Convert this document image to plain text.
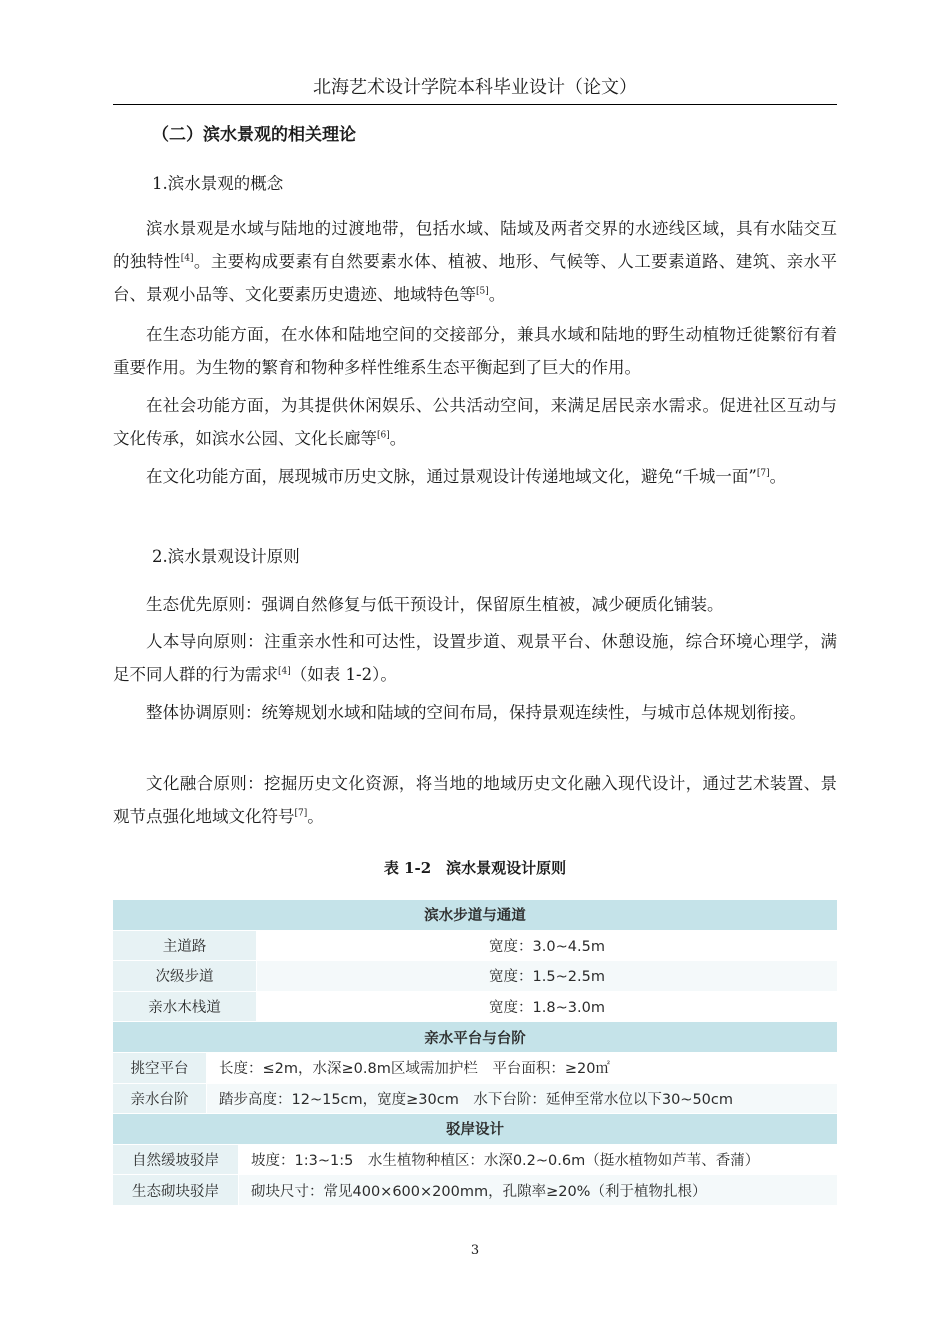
北海艺术设计学院本科毕业设计（论文）
（二）滨水景观的相关理论
1.滨水景观的概念

滨水景观是水域与陆地的过渡地带，包括水域、陆域及两者交界的水迹线区域，具有水陆交互的独特性[4]。主要构成要素有自然要素水体、植被、地形、气候等、人工要素道路、建筑、亲水平台、景观小品等、文化要素历史遗迹、地域特色等[5]。

在生态功能方面，在水体和陆地空间的交接部分，兼具水域和陆地的野生动植物迁徙繁衍有着重要作用。为生物的繁育和物种多样性维系生态平衡起到了巨大的作用。

在社会功能方面，为其提供休闲娱乐、公共活动空间，来满足居民亲水需求。促进社区互动与文化传承，如滨水公园、文化长廊等[6]。

在文化功能方面，展现城市历史文脉，通过景观设计传递地域文化，避免“千城一面”[7]。

2.滨水景观设计原则

生态优先原则：强调自然修复与低干预设计，保留原生植被，减少硬质化铺装。

人本导向原则：注重亲水性和可达性，设置步道、观景平台、休憩设施，综合环境心理学，满足不同人群的行为需求[4]（如表 1-2）。

整体协调原则：统筹规划水域和陆域的空间布局，保持景观连续性，与城市总体规划衔接。

文化融合原则：挖掘历史文化资源，将当地的地域历史文化融入现代设计，通过艺术装置、景观节点强化地域文化符号[7]。

表 1-2　滨水景观设计原则
滨水步道与通道
主道路	宽度：3.0~4.5m
次级步道	宽度：1.5~2.5m
亲水木栈道	宽度：1.8~3.0m
亲水平台与台阶
挑空平台	长度：≤2m，水深≥0.8m区域需加护栏　平台面积：≥20㎡
亲水台阶	踏步高度：12~15cm，宽度≥30cm　水下台阶：延伸至常水位以下30~50cm
驳岸设计
自然缓坡驳岸	坡度：1:3~1:5　水生植物种植区：水深0.2~0.6m（挺水植物如芦苇、香蒲）
生态砌块驳岸	砌块尺寸：常见400×600×200mm，孔隙率≥20%（利于植物扎根）
3
